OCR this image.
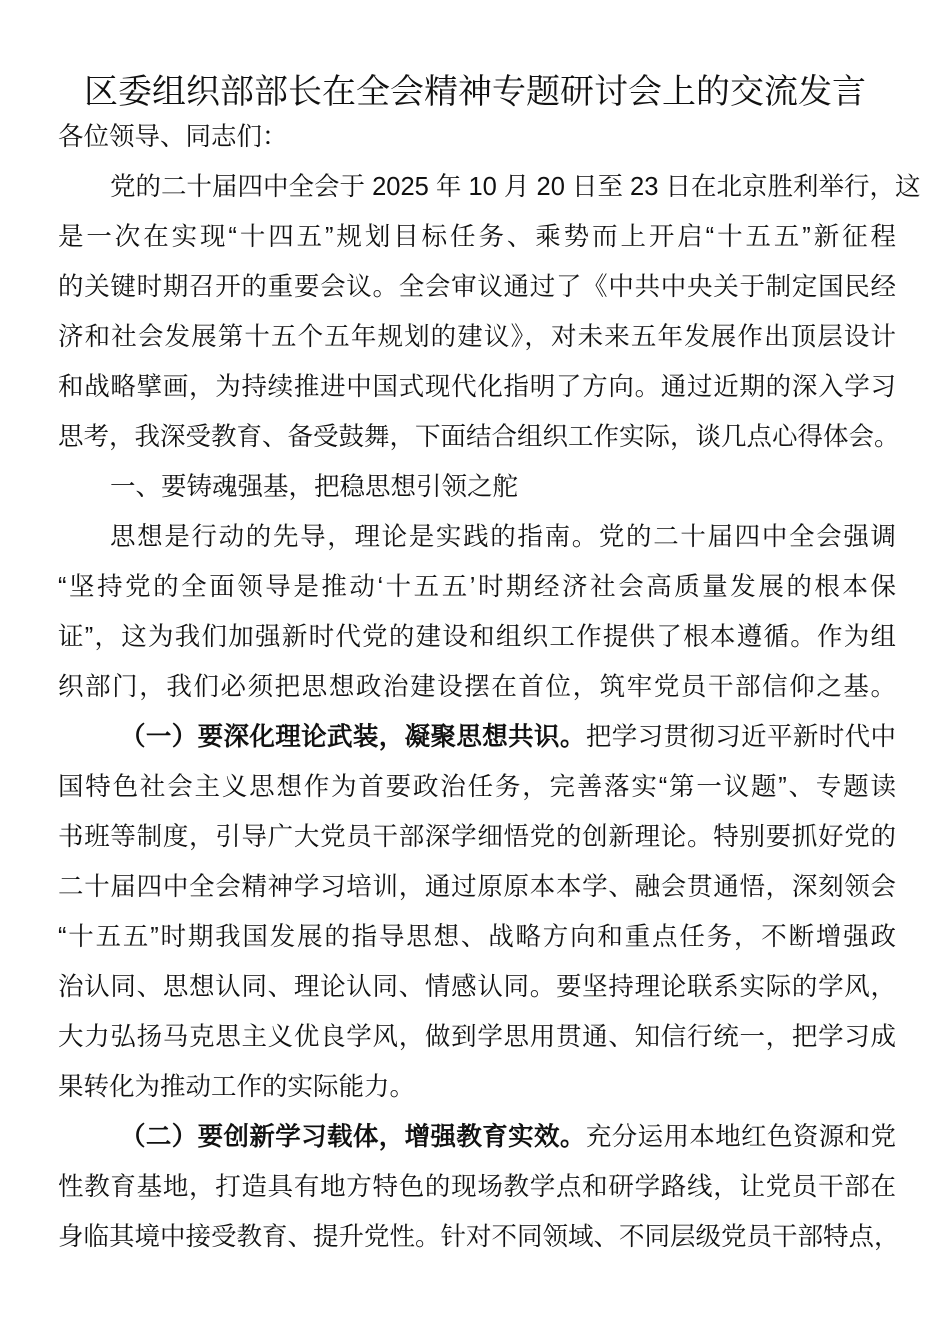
区委组织部部长在全会精神专题研讨会上的交流发言
各位领导、同志们：
党的二十届四中全会于 2025 年 10 月 20 日至 23 日在北京胜利举行，这
是一次在实现“十四五”规划目标任务、乘势而上开启“十五五”新征程
的关键时期召开的重要会议。全会审议通过了《中共中央关于制定国民经
济和社会发展第十五个五年规划的建议》，对未来五年发展作出顶层设计
和战略擘画，为持续推进中国式现代化指明了方向。通过近期的深入学习
思考，我深受教育、备受鼓舞，下面结合组织工作实际，谈几点心得体会。
一、要铸魂强基，把稳思想引领之舵
思想是行动的先导，理论是实践的指南。党的二十届四中全会强调
“坚持党的全面领导是推动‘十五五’时期经济社会高质量发展的根本保
证”，这为我们加强新时代党的建设和组织工作提供了根本遵循。作为组
织部门，我们必须把思想政治建设摆在首位，筑牢党员干部信仰之基。
（一）要深化理论武装，凝聚思想共识。把学习贯彻习近平新时代中
国特色社会主义思想作为首要政治任务，完善落实“第一议题”、专题读
书班等制度，引导广大党员干部深学细悟党的创新理论。特别要抓好党的
二十届四中全会精神学习培训，通过原原本本学、融会贯通悟，深刻领会
“十五五”时期我国发展的指导思想、战略方向和重点任务，不断增强政
治认同、思想认同、理论认同、情感认同。要坚持理论联系实际的学风，
大力弘扬马克思主义优良学风，做到学思用贯通、知信行统一，把学习成
果转化为推动工作的实际能力。
（二）要创新学习载体，增强教育实效。充分运用本地红色资源和党
性教育基地，打造具有地方特色的现场教学点和研学路线，让党员干部在
身临其境中接受教育、提升党性。针对不同领域、不同层级党员干部特点，
